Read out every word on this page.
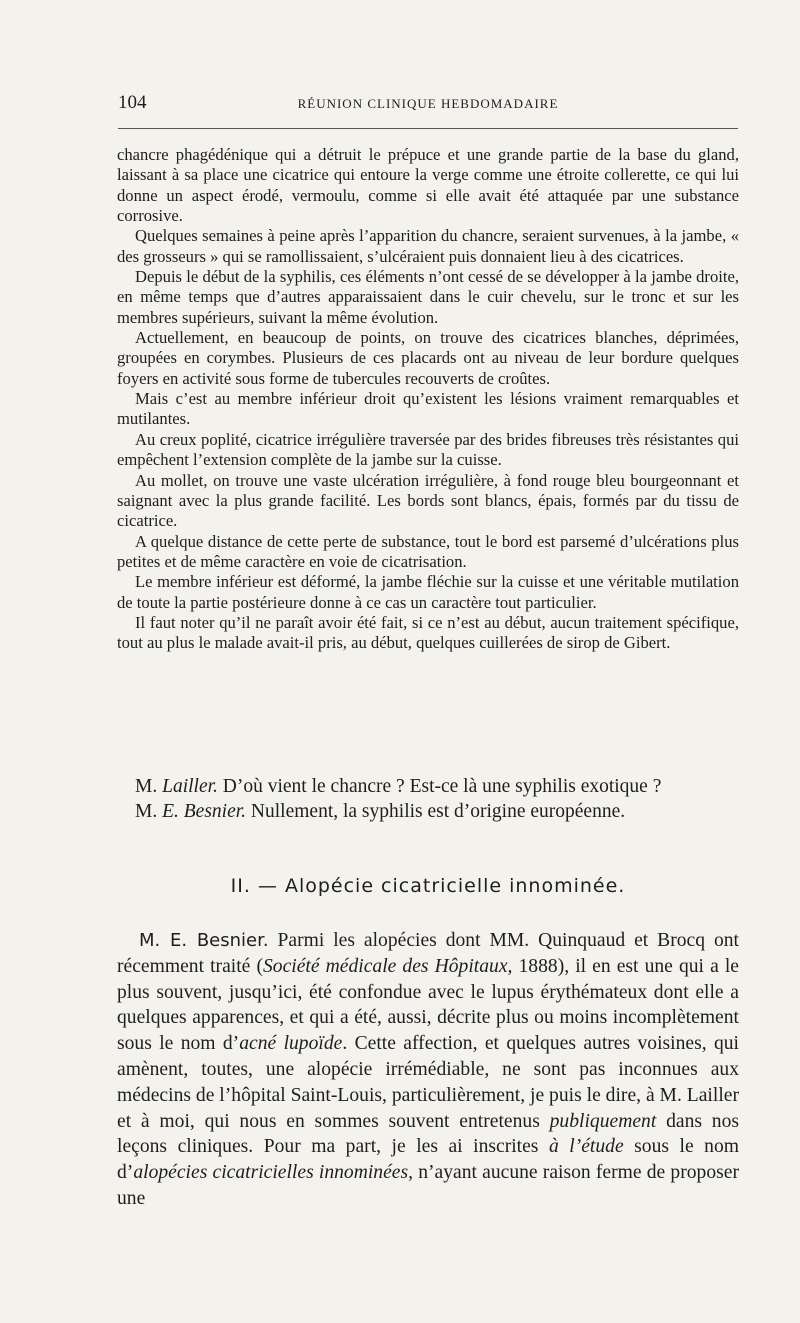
104	RÉUNION CLINIQUE HEBDOMADAIRE

chancre phagédénique qui a détruit le prépuce et une grande partie de la base du gland, laissant à sa place une cicatrice qui entoure la verge comme une étroite collerette, ce qui lui donne un aspect érodé, vermoulu, comme si elle avait été attaquée par une substance corrosive.

Quelques semaines à peine après l’apparition du chancre, seraient survenues, à la jambe, « des grosseurs » qui se ramollissaient, s’ulcéraient puis donnaient lieu à des cicatrices.

Depuis le début de la syphilis, ces éléments n’ont cessé de se développer à la jambe droite, en même temps que d’autres apparaissaient dans le cuir chevelu, sur le tronc et sur les membres supérieurs, suivant la même évolution.

Actuellement, en beaucoup de points, on trouve des cicatrices blanches, déprimées, groupées en corymbes. Plusieurs de ces placards ont au niveau de leur bordure quelques foyers en activité sous forme de tubercules recouverts de croûtes.

Mais c’est au membre inférieur droit qu’existent les lésions vraiment remarquables et mutilantes.

Au creux poplité, cicatrice irrégulière traversée par des brides fibreuses très résistantes qui empêchent l’extension complète de la jambe sur la cuisse.

Au mollet, on trouve une vaste ulcération irrégulière, à fond rouge bleu bourgeonnant et saignant avec la plus grande facilité. Les bords sont blancs, épais, formés par du tissu de cicatrice.

A quelque distance de cette perte de substance, tout le bord est parsemé d’ulcérations plus petites et de même caractère en voie de cicatrisation.

Le membre inférieur est déformé, la jambe fléchie sur la cuisse et une véritable mutilation de toute la partie postérieure donne à ce cas un caractère tout particulier.

Il faut noter qu’il ne paraît avoir été fait, si ce n’est au début, aucun traitement spécifique, tout au plus le malade avait-il pris, au début, quelques cuillerées de sirop de Gibert.

M. Lailler. D’où vient le chancre ? Est-ce là une syphilis exotique ?

M. E. Besnier. Nullement, la syphilis est d’origine européenne.

II. — Alopécie cicatricielle innominée.

M. E. Besnier. Parmi les alopécies dont MM. Quinquaud et Brocq ont récemment traité (Société médicale des Hôpitaux, 1888), il en est une qui a le plus souvent, jusqu’ici, été confondue avec le lupus érythémateux dont elle a quelques apparences, et qui a été, aussi, décrite plus ou moins incomplètement sous le nom d’acné lupoïde. Cette affection, et quelques autres voisines, qui amènent, toutes, une alopécie irrémédiable, ne sont pas inconnues aux médecins de l’hôpital Saint-Louis, particulièrement, je puis le dire, à M. Lailler et à moi, qui nous en sommes souvent entretenus publiquement dans nos leçons cliniques. Pour ma part, je les ai inscrites à l’étude sous le nom d’alopécies cicatricielles innominées, n’ayant aucune raison ferme de proposer une
